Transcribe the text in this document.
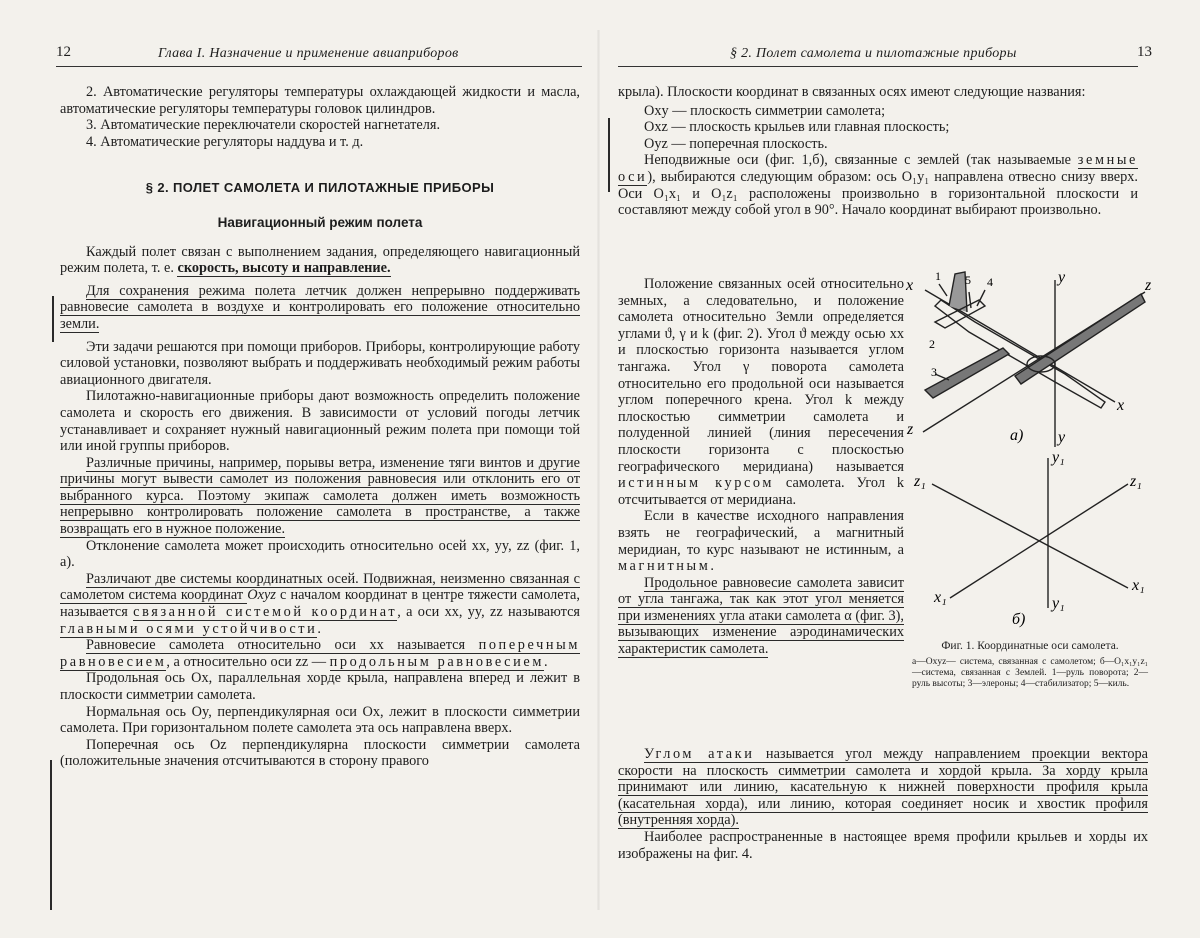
12	Глава I. Назначение и применение авиаприборов

2. Автоматические регуляторы температуры охлаждающей жидкости и масла, автоматические регуляторы температуры головок цилиндров.

3. Автоматические переключатели скоростей нагнетателя.

4. Автоматические регуляторы наддува и т. д.

§ 2. ПОЛЕТ САМОЛЕТА И ПИЛОТАЖНЫЕ ПРИБОРЫ
Навигационный режим полета

Каждый полет связан с выполнением задания, определяющего навигационный режим полета, т. е. скорость, высоту и направление.

Для сохранения режима полета летчик должен непрерывно поддерживать равновесие самолета в воздухе и контролировать его положение относительно земли.

Эти задачи решаются при помощи приборов. Приборы, контролирующие работу силовой установки, позволяют выбрать и поддерживать необходимый режим работы авиационного двигателя.

Пилотажно-навигационные приборы дают возможность определить положение самолета и скорость его движения. В зависимости от условий погоды летчик устанавливает и сохраняет нужный навигационный режим полета при помощи той или иной группы приборов.

Различные причины, например, порывы ветра, изменение тяги винтов и другие причины могут вывести самолет из положения равновесия или отклонить его от выбранного курса. Поэтому экипаж самолета должен иметь возможность непрерывно контролировать положение самолета в пространстве, а также возвращать его в нужное положение.

Отклонение самолета может происходить относительно осей xx, yy, zz (фиг. 1, a).

Различают две системы координатных осей. Подвижная, неизменно связанная с самолетом система координат Oxyz с началом координат в центре тяжести самолета, называется связанной системой координат, а оси xx, yy, zz называются главными осями устойчивости.

Равновесие самолета относительно оси xx называется поперечным равновесием, а относительно оси zz — продольным равновесием.

Продольная ось Ox, параллельная хорде крыла, направлена вперед и лежит в плоскости симметрии самолета.

Нормальная ось Oy, перпендикулярная оси Ox, лежит в плоскости симметрии самолета. При горизонтальном полете самолета эта ось направлена вверх.

Поперечная ось Oz перпендикулярна плоскости симметрии самолета (положительные значения отсчитываются в сторону правого

§ 2. Полет самолета и пилотажные приборы	13

крыла). Плоскости координат в связанных осях имеют следующие названия:

Oxy — плоскость симметрии самолета;
Oxz — плоскость крыльев или главная плоскость;
Oyz — поперечная плоскость.

Неподвижные оси (фиг. 1,б), связанные с землей (так называемые земные оси), выбираются следующим образом: ось O₁y₁ направлена отвесно снизу вверх. Оси O₁x₁ и O₁z₁ расположены произвольно в горизонтальной плоскости и составляют между собой угол в 90°. Начало координат выбирают произвольно.

Положение связанных осей относительно земных, а следовательно, и положение самолета относительно Земли определяется углами ϑ, γ и k (фиг. 2). Угол ϑ между осью xx и плоскостью горизонта называется углом тангажа. Угол γ поворота самолета относительно его продольной оси называется углом поперечного крена. Угол k между плоскостью симметрии самолета и полуденной линией (линия пересечения плоскости горизонта с плоскостью географического меридиана) называется истинным курсом самолета. Угол k отсчитывается от меридиана.

Если в качестве исходного направления взять не географический, а магнитный меридиан, то курс называют не истинным, а магнитным.

Продольное равновесие самолета зависит от угла тангажа, так как этот угол меняется при изменениях угла атаки самолета α (фиг. 3), вызывающих изменение аэродинамических характеристик самолета.

x
x
y
y
z
z
1
2
3
4
5
а)
y₁
y₁
z₁	z₁
x₁
x₁
б)
Фиг. 1. Координатные оси самолета.
а—Oxyz— система, связанная с самолетом; б—O₁x₁y₁z₁—система, связанная с Землей. 1—руль поворота; 2—руль высоты; 3—элероны; 4—стабилизатор; 5—киль.

Углом атаки называется угол между направлением проекции вектора скорости на плоскость симметрии самолета и хордой крыла. За хорду крыла принимают или линию, касательную к нижней поверхности профиля крыла (касательная хорда), или линию, которая соединяет носик и хвостик профиля (внутренняя хорда).

Наиболее распространенные в настоящее время профили крыльев и хорды их изображены на фиг. 4.
